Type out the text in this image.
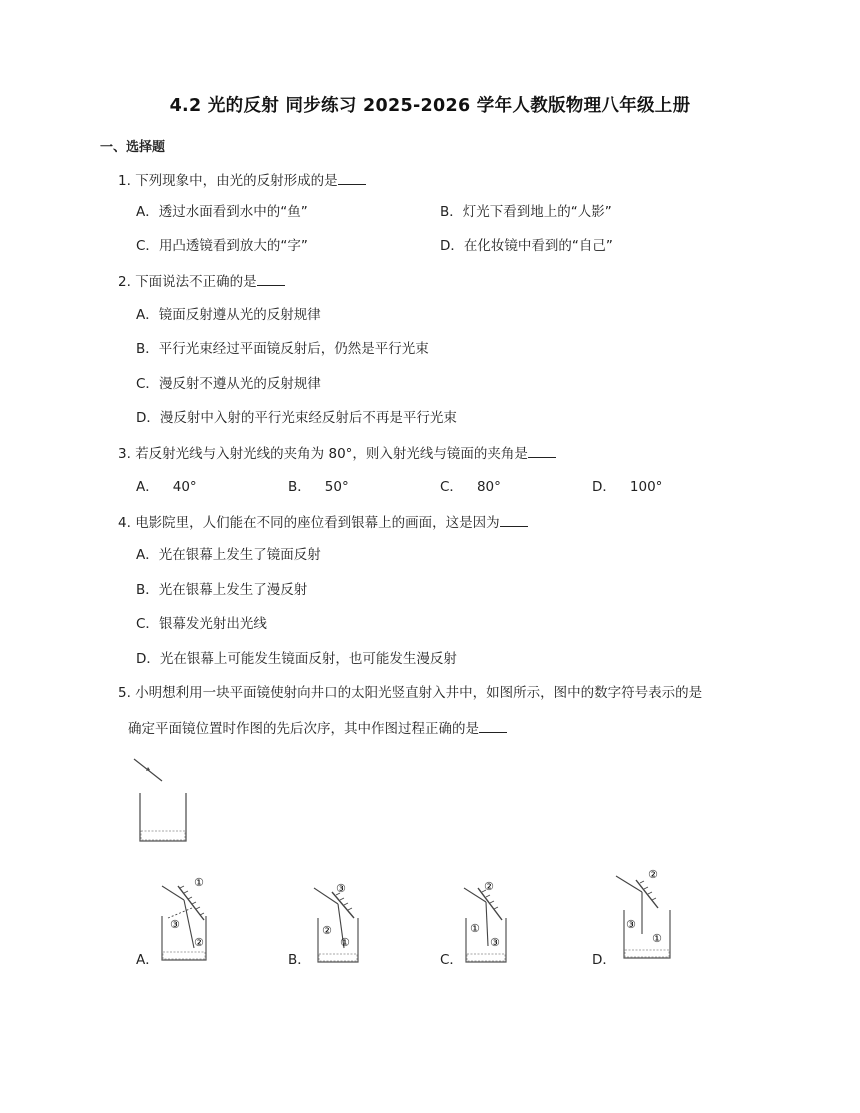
4.2 光的反射 同步练习 2025-2026 学年人教版物理八年级上册
一、选择题
1. 下列现象中，由光的反射形成的是
A．透过水面看到水中的“鱼”	B．灯光下看到地上的“人影”
C．用凸透镜看到放大的“字”	D．在化妆镜中看到的“自己”
2. 下面说法不正确的是
A．镜面反射遵从光的反射规律
B．平行光束经过平面镜反射后，仍然是平行光束
C．漫反射不遵从光的反射规律
D．漫反射中入射的平行光束经反射后不再是平行光束
3. 若反射光线与入射光线的夹角为 80°，则入射光线与镜面的夹角是
A． 40°	B． 50°	C． 80°	D． 100°
4. 电影院里，人们能在不同的座位看到银幕上的画面，这是因为
A．光在银幕上发生了镜面反射
B．光在银幕上发生了漫反射
C．银幕发光射出光线
D．光在银幕上可能发生镜面反射，也可能发生漫反射
5. 小明想利用一块平面镜使射向井口的太阳光竖直射入井中，如图所示，图中的数字符号表示的是
确定平面镜位置时作图的先后次序，其中作图过程正确的是
A．
①
②
③
B．
③
②
①
C．
②
①
③
D．
②
③
①
